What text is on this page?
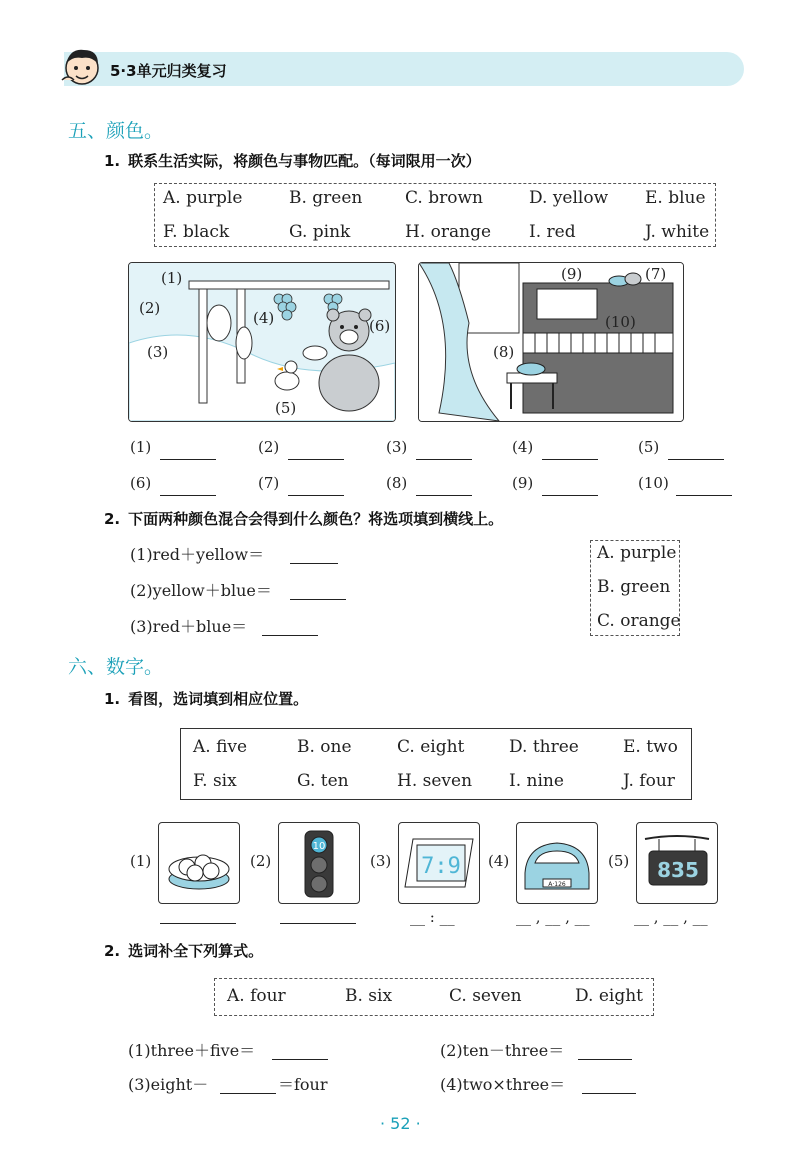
5·3单元归类复习
五、颜色。
1. 联系生活实际，将颜色与事物匹配。（每词限用一次）
A. purple	B. green	C. brown	D. yellow E. blue
F. black	G. pink	H. orange I. red	J. white
(1)
(2)
(3)
(4)
(5)
(6)
(9)	(7)
(10)
(8)
(1)	(2)	(3)	(4)	(5)
(6)	(7)	(8)	(9)	(10)
2. 下面两种颜色混合会得到什么颜色？将选项填到横线上。
(1)red＋yellow＝
(2)yellow＋blue＝
(3)red＋blue＝
A. purple
B. green
C. orange
六、数字。
1. 看图，选词填到相应位置。
A. five	B. one	C. eight	D. three	E. two
F. six	G. ten	H. seven I. nine	J. four
(1)	(2)
10
(3) 7:9
__ : __
(4)
A·126
__ , __ , __
(5) 835
__ , __ , __
2. 选词补全下列算式。
A. four	B. six	C. seven	D. eight
(1)three＋five＝	(2)ten－three＝
(3)eight－	＝four	(4)two×three＝
· 52 ·
